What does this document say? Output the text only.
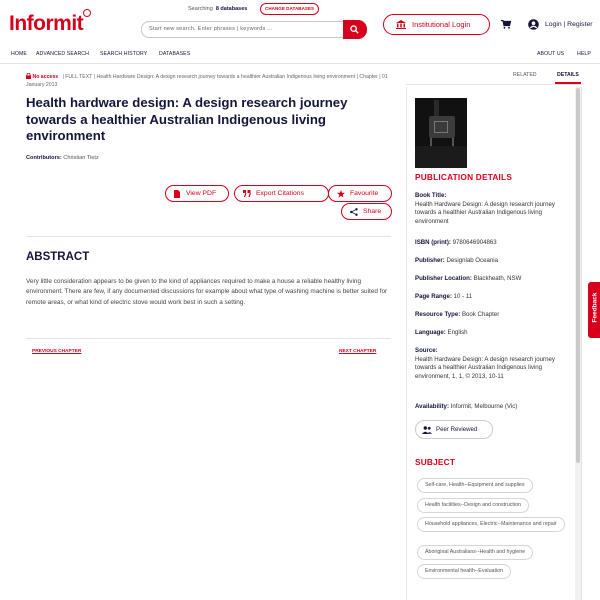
Informit
Searching 8 databases	CHANGE DATABASES
Start new search. Enter phrases | keywords ...	Institutional Login	Login | Register
HOME ADVANCED SEARCH SEARCH HISTORY DATABASES	ABOUT US HELP
No access | FULL TEXT | Health Hardware Design: A design research journey towards a healthier Australian Indigenous living environment | Chapter | 01 January 2013
Health hardware design: A design research journey towards a healthier Australian Indigenous living environment
Contributors: Christian Tietz
View PDF	Export Citations	Favourite
Share
ABSTRACT

Very little consideration appears to be given to the kind of appliances required to make a house a reliable healthy living environment. There are few, if any documented discussions for example about what type of washing machine is better suited for remote areas, or what kind of electric stove would work best in such a setting.

PREVIOUS CHAPTER	NEXT CHAPTER
RELATED	DETAILS
PUBLICATION DETAILS
Book Title:
Health Hardware Design: A design research journey towards a healthier Australian Indigenous living environment
ISBN (print): 9780646904863
Publisher: Designlab Oceania
Publisher Location: Blackheath, NSW
Page Range: 10 - 11
Resource Type: Book Chapter
Language: English
Source:
Health Hardware Design: A design research journey towards a healthier Australian Indigenous living environment, 1, 1, © 2013, 10-11
Availability: Informit, Melbourne (Vic)
Peer Reviewed
SUBJECT
Self-care, Health--Equipment and supplies
Health facilities--Design and construction
Household appliances, Electric--Maintenance and repair
Aboriginal Australians--Health and hygiene
Environmental health--Evaluation
Feedback
